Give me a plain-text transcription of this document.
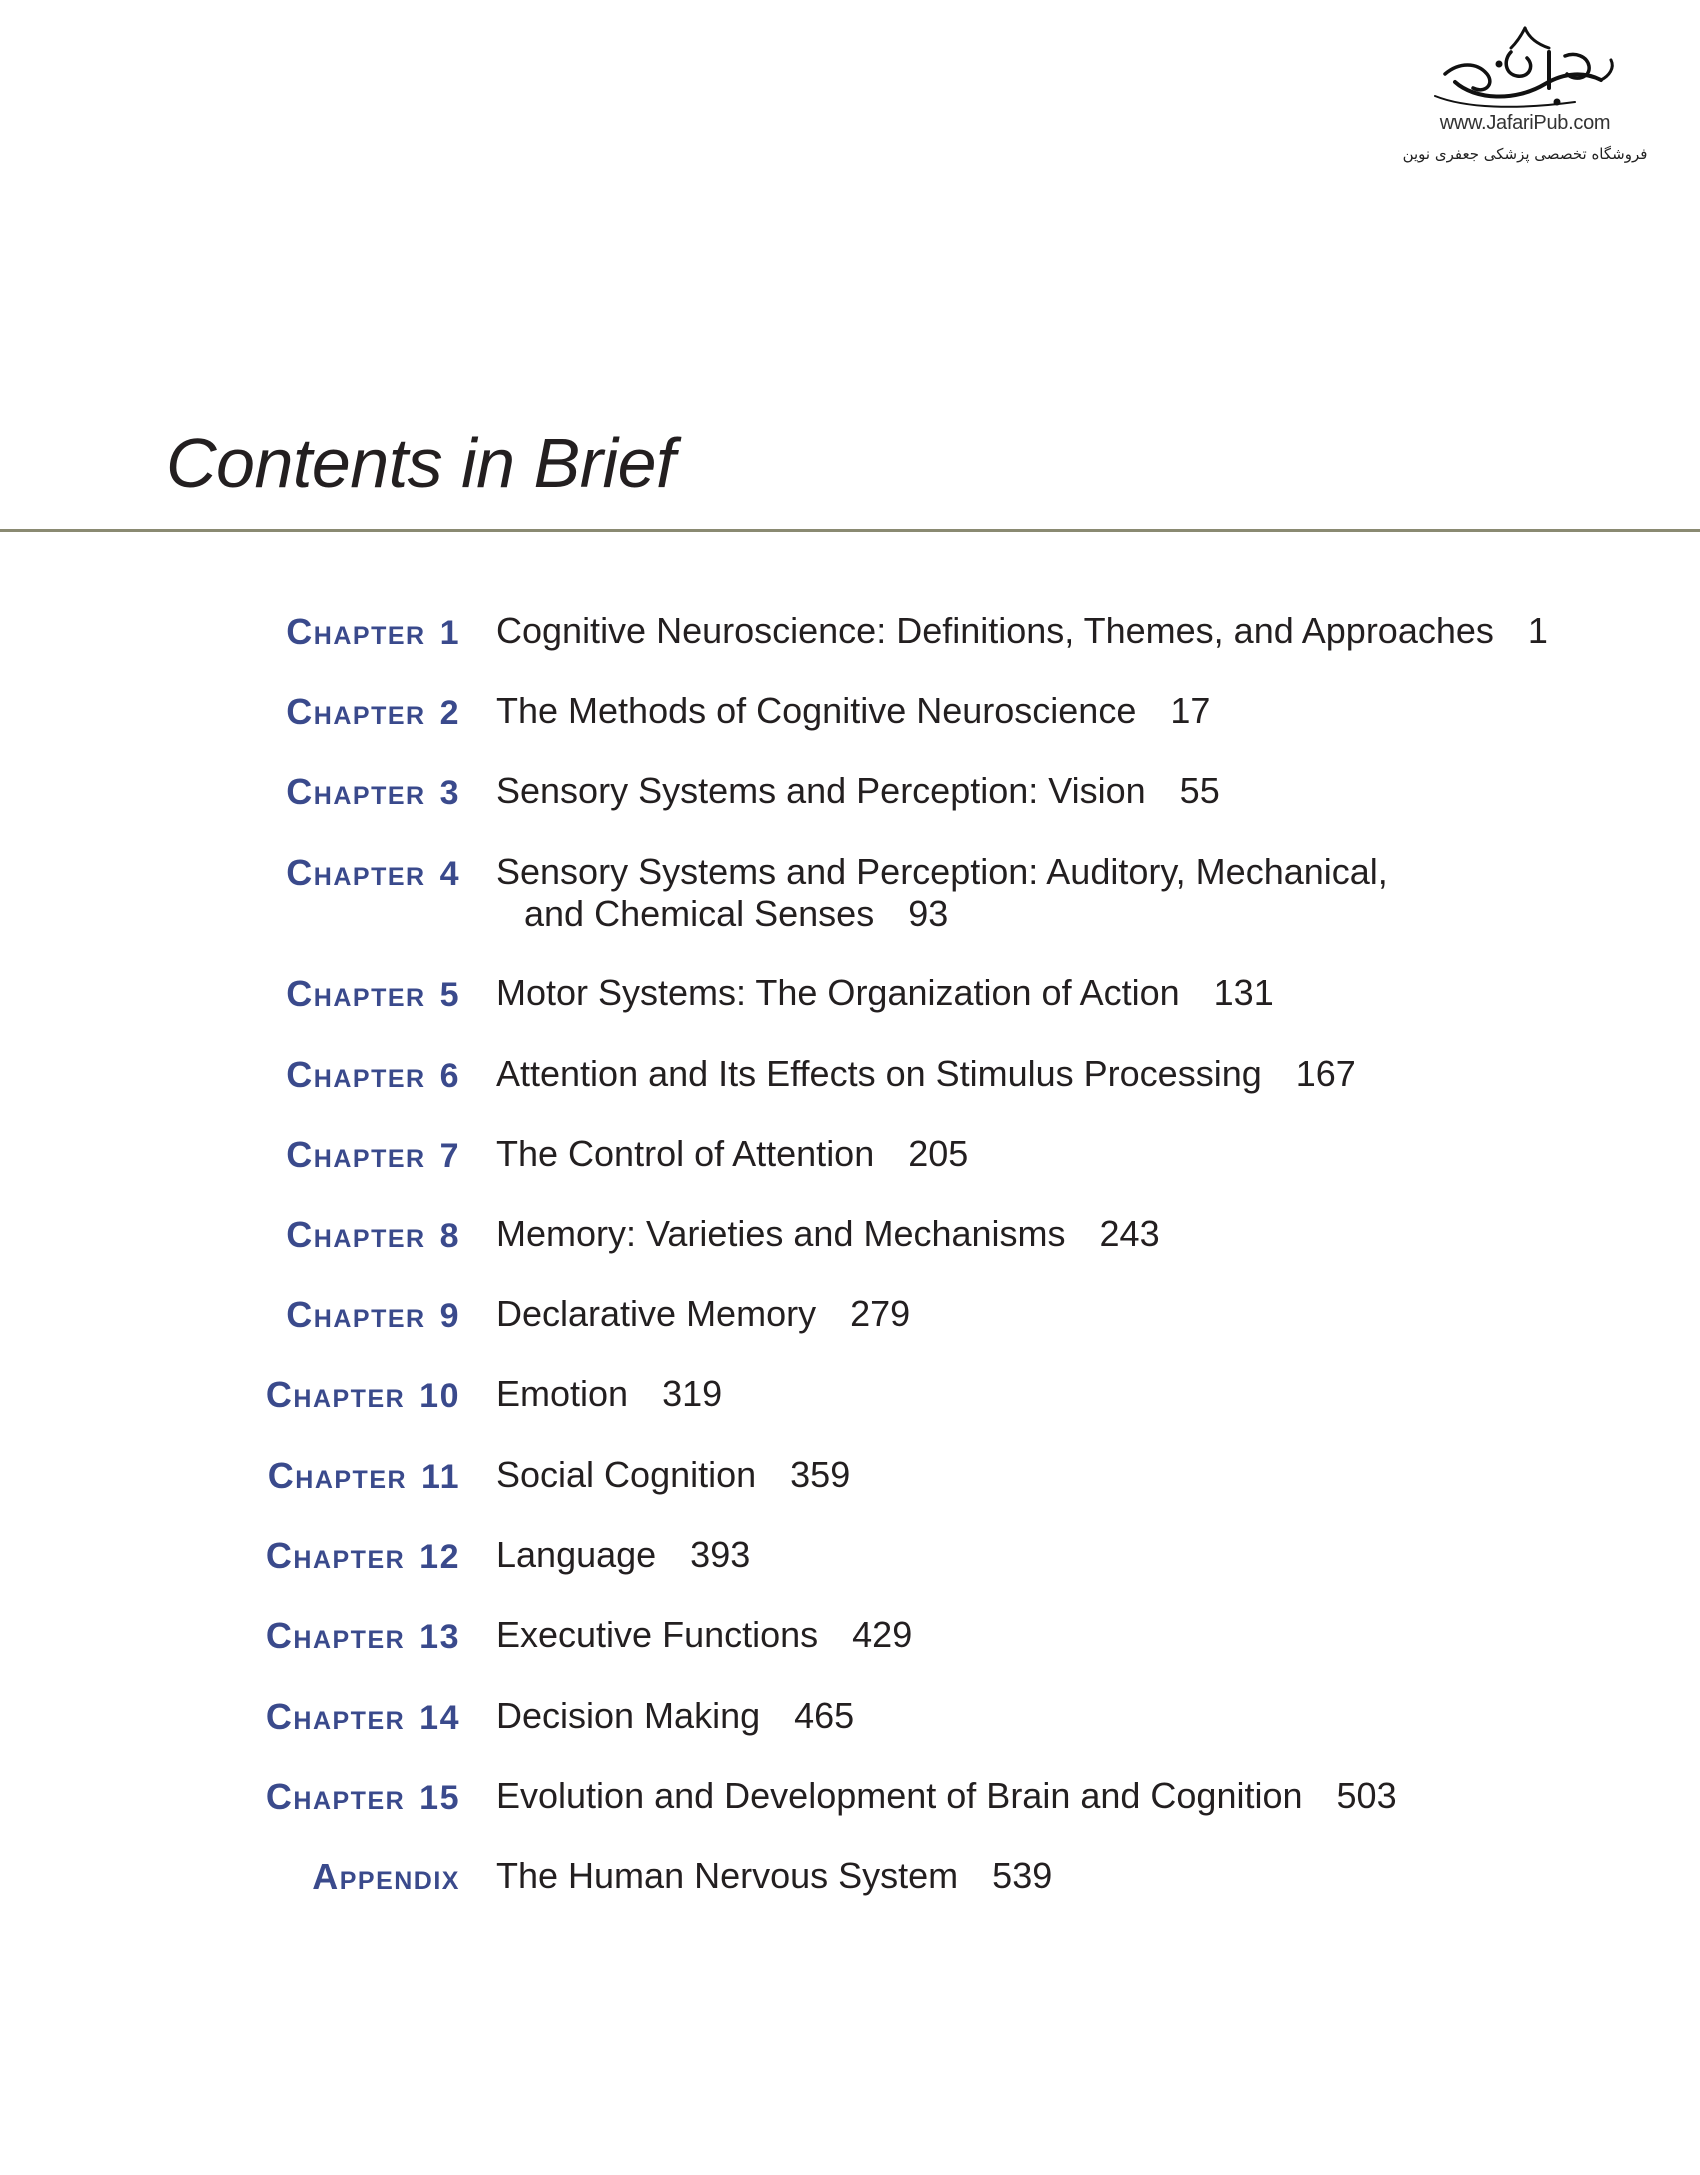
www.JafariPub.com
فروشگاه تخصصی پزشکی جعفری نوین
Contents in Brief
Chapter 1 Cognitive Neuroscience: Definitions, Themes, and Approaches 1
Chapter 2 The Methods of Cognitive Neuroscience 17
Chapter 3 Sensory Systems and Perception: Vision 55
Chapter 4 Sensory Systems and Perception: Auditory, Mechanical,
and Chemical Senses 93
Chapter 5 Motor Systems: The Organization of Action 131
Chapter 6 Attention and Its Effects on Stimulus Processing 167
Chapter 7 The Control of Attention 205
Chapter 8 Memory: Varieties and Mechanisms 243
Chapter 9 Declarative Memory 279
Chapter 10 Emotion 319
Chapter 11 Social Cognition 359
Chapter 12 Language 393
Chapter 13 Executive Functions 429
Chapter 14 Decision Making 465
Chapter 15 Evolution and Development of Brain and Cognition 503
Appendix The Human Nervous System 539
